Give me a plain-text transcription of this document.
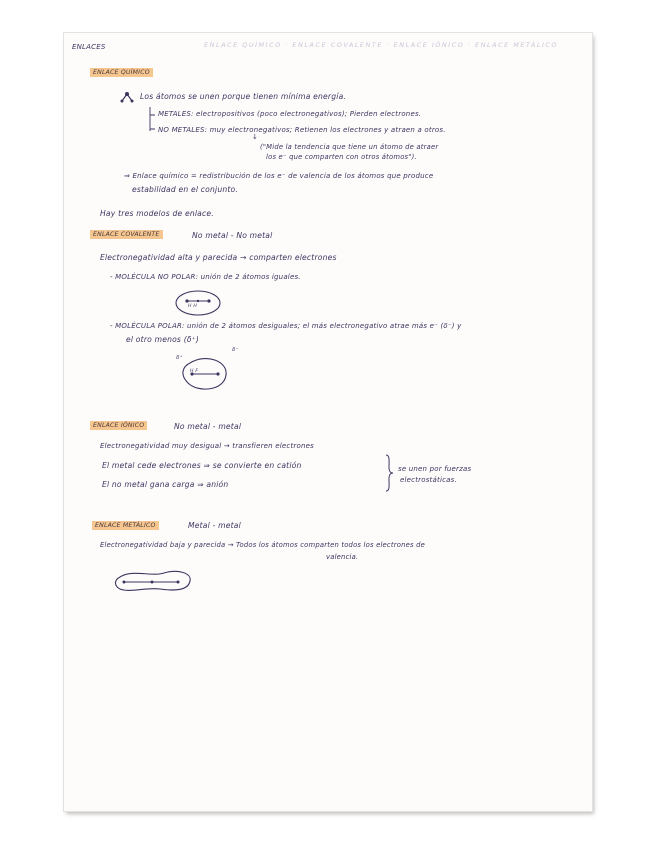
ENLACES	ENLACE QUÍMICO · ENLACE COVALENTE · ENLACE IÓNICO · ENLACE METÁLICO
ENLACE QUÍMICO
Los átomos se unen porque tienen mínima energía.
METALES: electropositivos (poco electronegativos); Pierden electrones.
NO METALES: muy electronegativos; Retienen los electrones y atraen a otros.
↓
("Mide la tendencia que tiene un átomo de atraer
los e⁻ que comparten con otros átomos").
⇒ Enlace químico = redistribución de los e⁻ de valencia de los átomos que produce
estabilidad en el conjunto.
Hay tres modelos de enlace.
ENLACE COVALENTE	No metal - No metal
Electronegatividad alta y parecida → comparten electrones
- MOLÉCULA NO POLAR: unión de 2 átomos iguales.
H H
- MOLÉCULA POLAR: unión de 2 átomos desiguales; el más electronegativo atrae más e⁻ (δ⁻) y
el otro menos (δ⁺)
H F
δ⁺
δ⁻
ENLACE IÓNICO	No metal - metal
Electronegatividad muy desigual → transfieren electrones
El metal cede electrones ⇒ se convierte en catión
El no metal gana carga ⇒ anión
se unen por fuerzas
electrostáticas.
ENLACE METÁLICO	Metal - metal
Electronegatividad baja y parecida → Todos los átomos comparten todos los electrones de
valencia.
